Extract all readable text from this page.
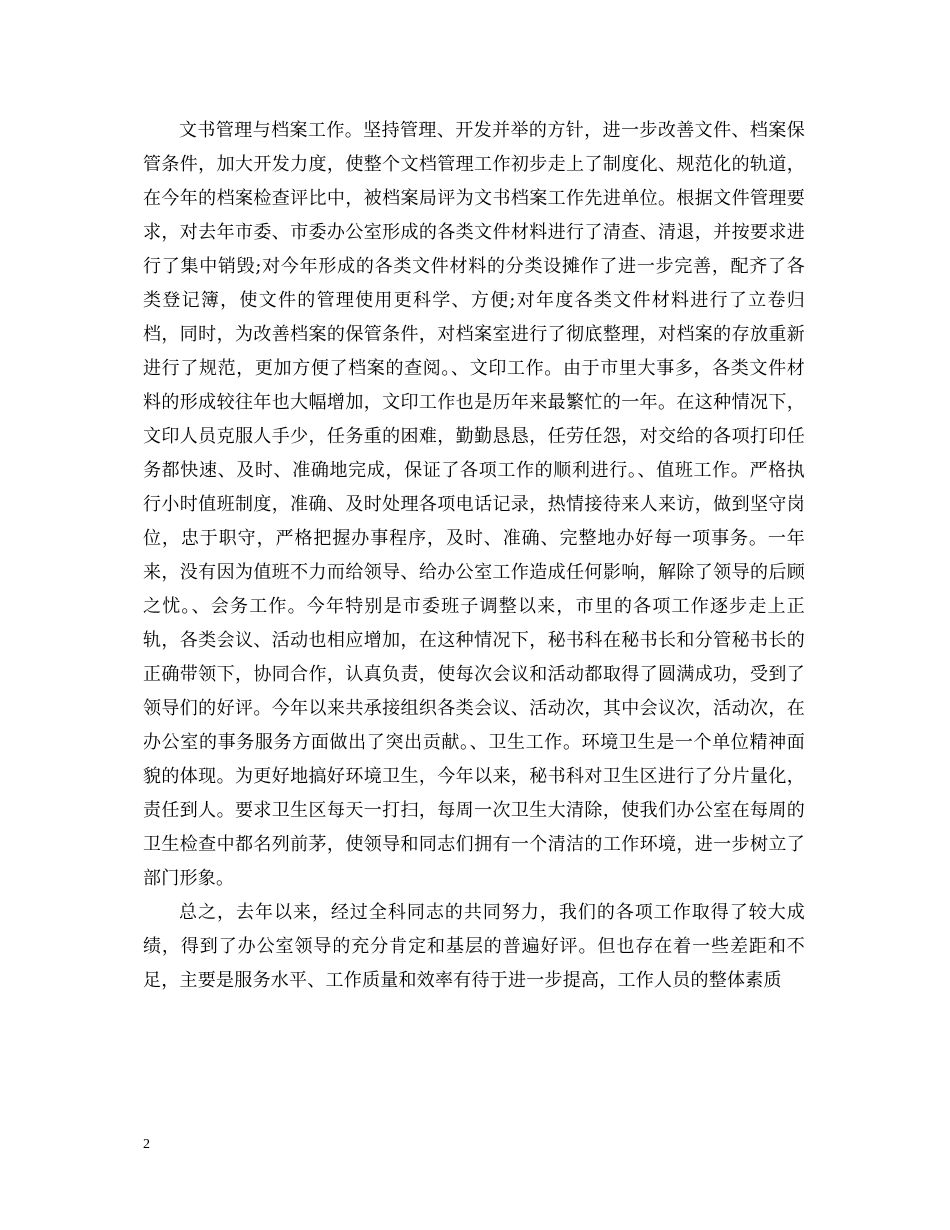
文书管理与档案工作。坚持管理、开发并举的方针，进一步改善文件、档案保管条件，加大开发力度，使整个文档管理工作初步走上了制度化、规范化的轨道，在今年的档案检查评比中，被档案局评为文书档案工作先进单位。根据文件管理要求，对去年市委、市委办公室形成的各类文件材料进行了清查、清退，并按要求进行了集中销毁;对今年形成的各类文件材料的分类设摊作了进一步完善，配齐了各类登记簿，使文件的管理使用更科学、方便;对年度各类文件材料进行了立卷归档，同时，为改善档案的保管条件，对档案室进行了彻底整理，对档案的存放重新进行了规范，更加方便了档案的查阅。、文印工作。由于市里大事多，各类文件材料的形成较往年也大幅增加，文印工作也是历年来最繁忙的一年。在这种情况下，文印人员克服人手少，任务重的困难，勤勤恳恳，任劳任怨，对交给的各项打印任务都快速、及时、准确地完成，保证了各项工作的顺利进行。、值班工作。严格执行小时值班制度，准确、及时处理各项电话记录，热情接待来人来访，做到坚守岗位，忠于职守，严格把握办事程序，及时、准确、完整地办好每一项事务。一年来，没有因为值班不力而给领导、给办公室工作造成任何影响，解除了领导的后顾之忧。、会务工作。今年特别是市委班子调整以来，市里的各项工作逐步走上正轨，各类会议、活动也相应增加，在这种情况下，秘书科在秘书长和分管秘书长的正确带领下，协同合作，认真负责，使每次会议和活动都取得了圆满成功，受到了领导们的好评。今年以来共承接组织各类会议、活动次，其中会议次，活动次，在办公室的事务服务方面做出了突出贡献。、卫生工作。环境卫生是一个单位精神面貌的体现。为更好地搞好环境卫生，今年以来，秘书科对卫生区进行了分片量化，责任到人。要求卫生区每天一打扫，每周一次卫生大清除，使我们办公室在每周的卫生检查中都名列前茅，使领导和同志们拥有一个清洁的工作环境，进一步树立了部门形象。

总之，去年以来，经过全科同志的共同努力，我们的各项工作取得了较大成绩，得到了办公室领导的充分肯定和基层的普遍好评。但也存在着一些差距和不足，主要是服务水平、工作质量和效率有待于进一步提高，工作人员的整体素质

2
